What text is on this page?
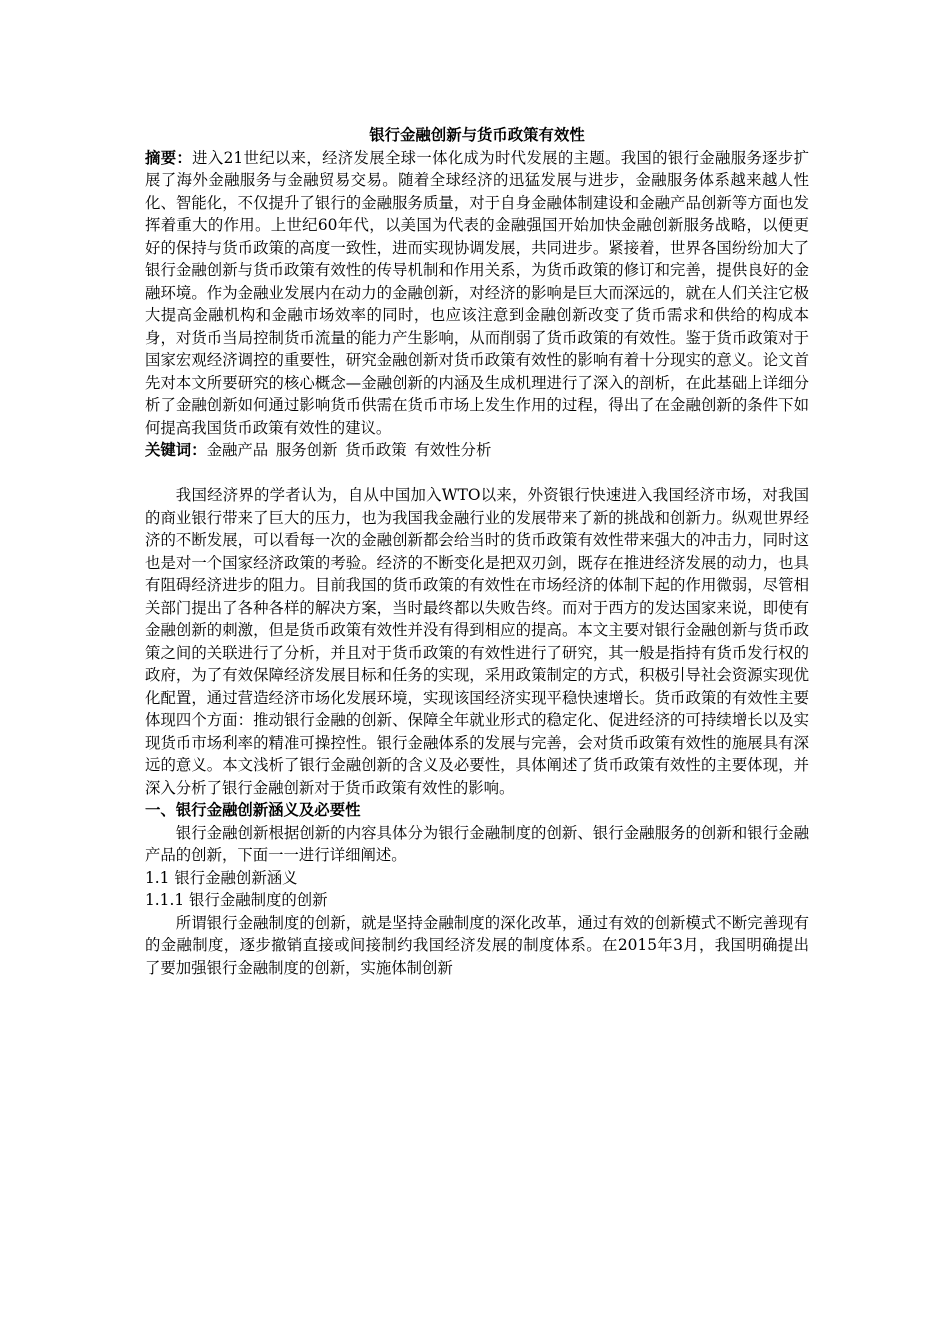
银行金融创新与货币政策有效性

摘要：进入21世纪以来，经济发展全球一体化成为时代发展的主题。我国的银行金融服务逐步扩展了海外金融服务与金融贸易交易。随着全球经济的迅猛发展与进步，金融服务体系越来越人性化、智能化，不仅提升了银行的金融服务质量，对于自身金融体制建设和金融产品创新等方面也发挥着重大的作用。上世纪60年代，以美国为代表的金融强国开始加快金融创新服务战略，以便更好的保持与货币政策的高度一致性，进而实现协调发展，共同进步。紧接着，世界各国纷纷加大了银行金融创新与货币政策有效性的传导机制和作用关系，为货币政策的修订和完善，提供良好的金融环境。作为金融业发展内在动力的金融创新，对经济的影响是巨大而深远的，就在人们关注它极大提高金融机构和金融市场效率的同时，也应该注意到金融创新改变了货币需求和供给的构成本身，对货币当局控制货币流量的能力产生影响，从而削弱了货币政策的有效性。鉴于货币政策对于国家宏观经济调控的重要性，研究金融创新对货币政策有效性的影响有着十分现实的意义。论文首先对本文所要研究的核心概念—金融创新的内涵及生成机理进行了深入的剖析，在此基础上详细分析了金融创新如何通过影响货币供需在货币市场上发生作用的过程，得出了在金融创新的条件下如何提高我国货币政策有效性的建议。

关键词：金融产品 服务创新 货币政策 有效性分析

我国经济界的学者认为，自从中国加入WTO以来，外资银行快速进入我国经济市场，对我国的商业银行带来了巨大的压力，也为我国我金融行业的发展带来了新的挑战和创新力。纵观世界经济的不断发展，可以看每一次的金融创新都会给当时的货币政策有效性带来强大的冲击力，同时这也是对一个国家经济政策的考验。经济的不断变化是把双刃剑，既存在推进经济发展的动力，也具有阻碍经济进步的阻力。目前我国的货币政策的有效性在市场经济的体制下起的作用微弱，尽管相关部门提出了各种各样的解决方案，当时最终都以失败告终。而对于西方的发达国家来说，即使有金融创新的刺激，但是货币政策有效性并没有得到相应的提高。本文主要对银行金融创新与货币政策之间的关联进行了分析，并且对于货币政策的有效性进行了研究，其一般是指持有货币发行权的政府，为了有效保障经济发展目标和任务的实现，采用政策制定的方式，积极引导社会资源实现优化配置，通过营造经济市场化发展环境，实现该国经济实现平稳快速增长。货币政策的有效性主要体现四个方面：推动银行金融的创新、保障全年就业形式的稳定化、促进经济的可持续增长以及实现货币市场利率的精准可操控性。银行金融体系的发展与完善，会对货币政策有效性的施展具有深远的意义。本文浅析了银行金融创新的含义及必要性，具体阐述了货币政策有效性的主要体现，并深入分析了银行金融创新对于货币政策有效性的影响。

一、银行金融创新涵义及必要性

银行金融创新根据创新的内容具体分为银行金融制度的创新、银行金融服务的创新和银行金融产品的创新，下面一一进行详细阐述。

1.1 银行金融创新涵义

1.1.1 银行金融制度的创新

所谓银行金融制度的创新，就是坚持金融制度的深化改革，通过有效的创新模式不断完善现有的金融制度，逐步撤销直接或间接制约我国经济发展的制度体系。在2015年3月，我国明确提出了要加强银行金融制度的创新，实施体制创新
